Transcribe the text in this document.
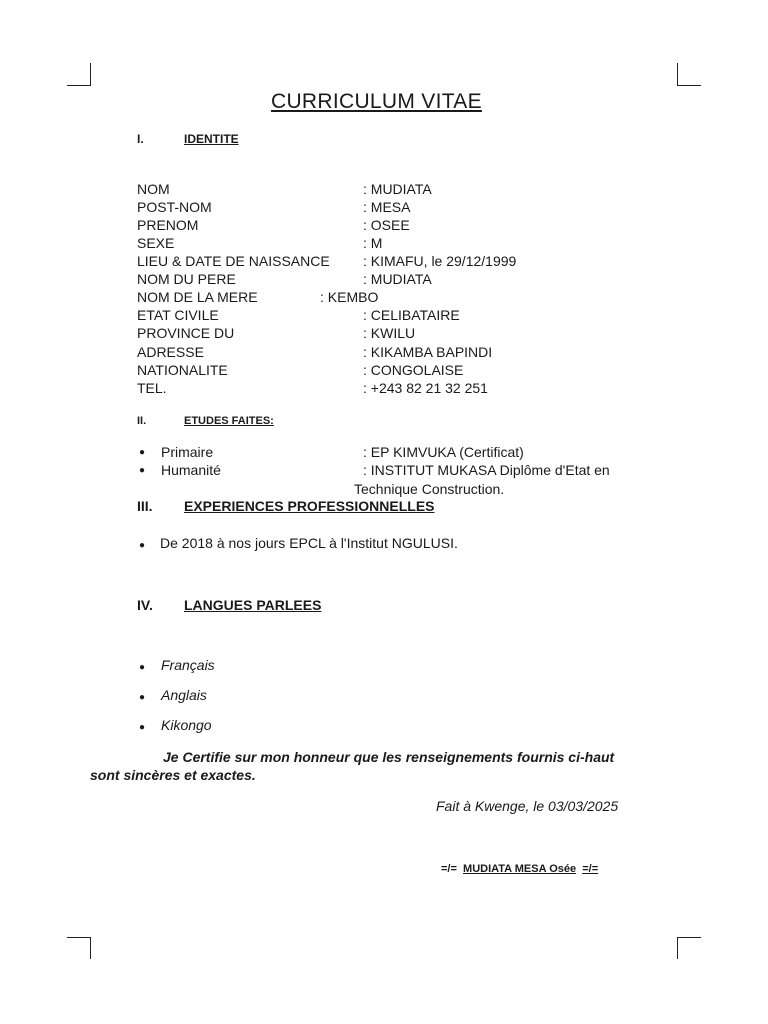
CURRICULUM VITAE
I.	IDENTITE
NOM	: MUDIATA
POST-NOM	: MESA
PRENOM	: OSEE
SEXE	: M
LIEU & DATE DE NAISSANCE : KIMAFU, le 29/12/1999
NOM DU PERE	: MUDIATA
NOM DE LA MERE	: KEMBO
ETAT CIVILE	: CELIBATAIRE
PROVINCE DU	: KWILU
ADRESSE	: KIKAMBA BAPINDI
NATIONALITE	: CONGOLAISE
TEL.	: +243 82 21 32 251
II.	ETUDES FAITES:
● Primaire	: EP KIMVUKA (Certificat)
● Humanité	: INSTITUT MUKASA Diplôme d'Etat en
Technique Construction.
III. EXPERIENCES PROFESSIONNELLES
● De 2018 à nos jours EPCL à l'Institut NGULUSI.
IV. LANGUES PARLEES
● Français
● Anglais
● Kikongo
Je Certifie sur mon honneur que les renseignements fournis ci-haut
sont sincères et exactes.
Fait à Kwenge, le 03/03/2025
=/= MUDIATA MESA Osée =/=
